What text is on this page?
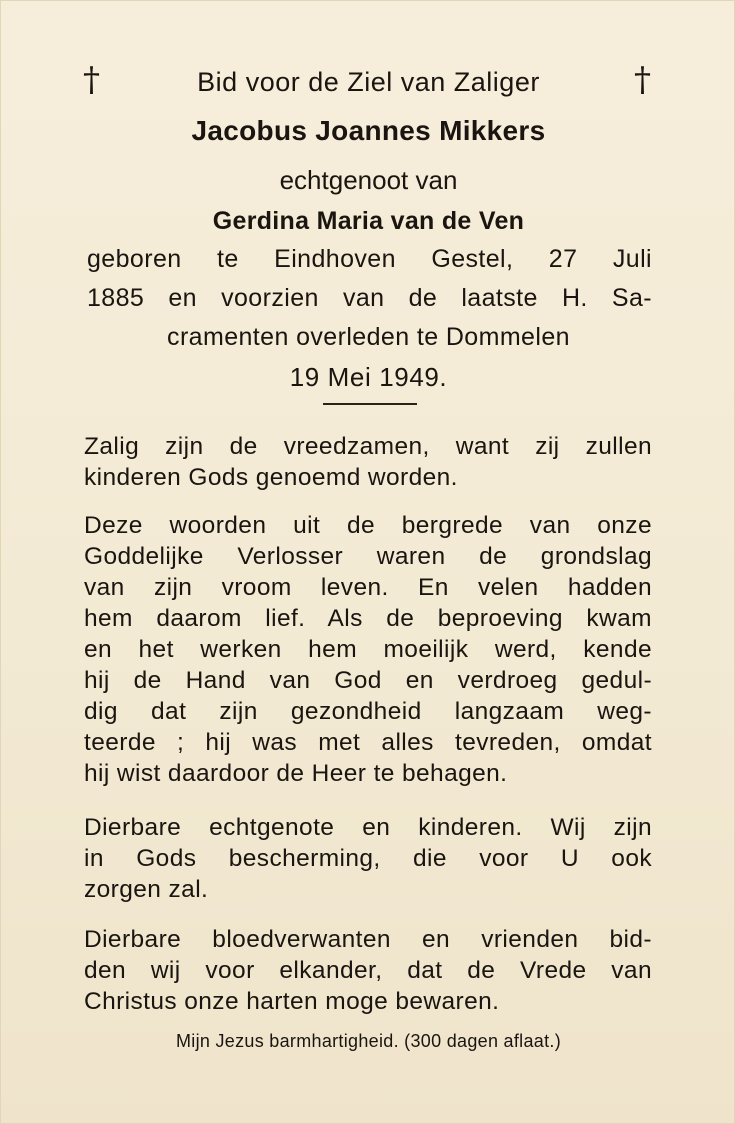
†	†
Bid voor de Ziel van Zaliger
Jacobus Joannes Mikkers
echtgenoot van
Gerdina Maria van de Ven
geboren te Eindhoven Gestel, 27 Juli
1885 en voorzien van de laatste H. Sa-
cramenten overleden te Dommelen
19 Mei 1949.
Zalig zijn de vreedzamen, want zij zullen
kinderen Gods genoemd worden.
Deze woorden uit de bergrede van onze
Goddelijke Verlosser waren de grondslag
van zijn vroom leven. En velen hadden
hem daarom lief. Als de beproeving kwam
en het werken hem moeilijk werd, kende
hij de Hand van God en verdroeg gedul-
dig dat zijn gezondheid langzaam weg-
teerde ; hij was met alles tevreden, omdat
hij wist daardoor de Heer te behagen.
Dierbare echtgenote en kinderen. Wij zijn
in Gods bescherming, die voor U ook
zorgen zal.
Dierbare bloedverwanten en vrienden bid-
den wij voor elkander, dat de Vrede van
Christus onze harten moge bewaren.
Mijn Jezus barmhartigheid. (300 dagen aflaat.)
